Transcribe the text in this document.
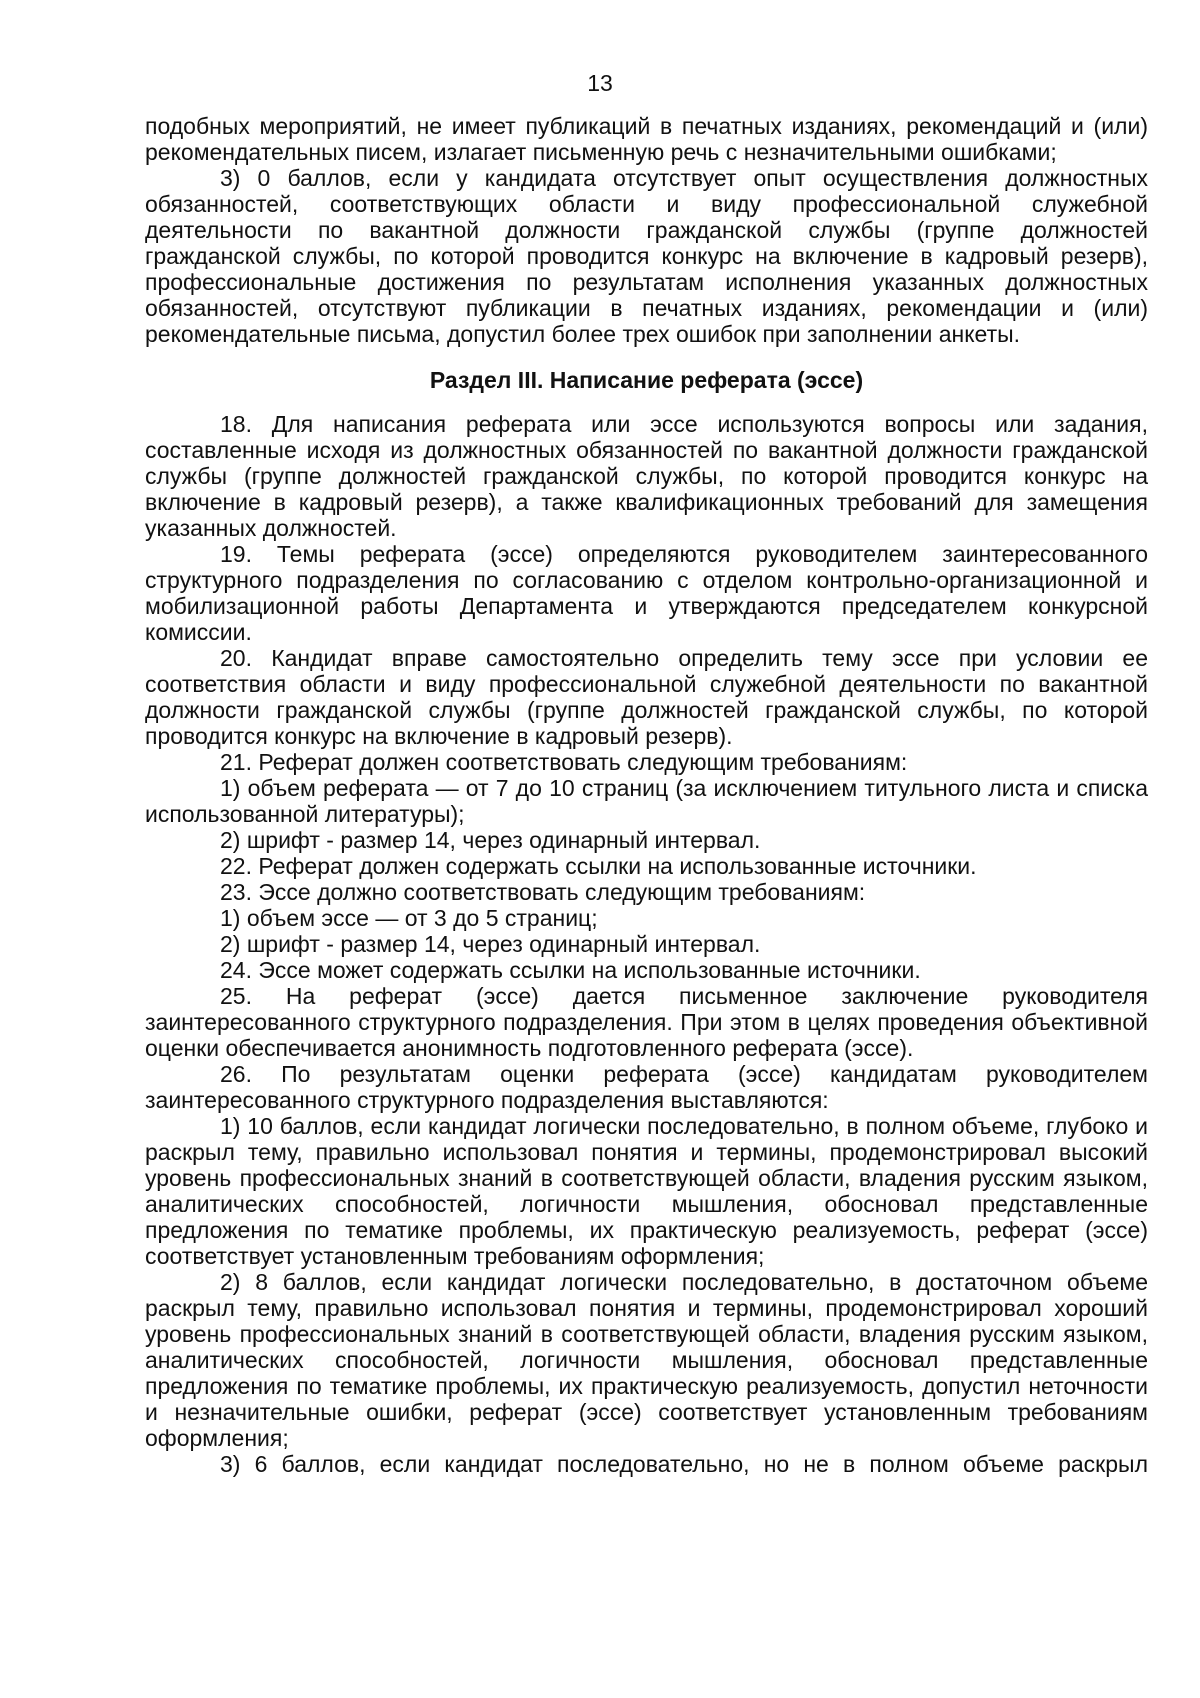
13

подобных мероприятий, не имеет публикаций в печатных изданиях, рекомендаций и (или) рекомендательных писем, излагает письменную речь с незначительными ошибками;

3) 0 баллов, если у кандидата отсутствует опыт осуществления должностных обязанностей, соответствующих области и виду профессиональной служебной деятельности по вакантной должности гражданской службы (группе должностей гражданской службы, по которой проводится конкурс на включение в кадровый резерв), профессиональные достижения по результатам исполнения указанных должностных обязанностей, отсутствуют публикации в печатных изданиях, рекомендации и (или) рекомендательные письма, допустил более трех ошибок при заполнении анкеты.

Раздел III. Написание реферата (эссе)

18. Для написания реферата или эссе используются вопросы или задания, составленные исходя из должностных обязанностей по вакантной должности гражданской службы (группе должностей гражданской службы, по которой проводится конкурс на включение в кадровый резерв), а также квалификационных требований для замещения указанных должностей.

19. Темы реферата (эссе) определяются руководителем заинтересованного структурного подразделения по согласованию с отделом контрольно-организационной и мобилизационной работы Департамента и утверждаются председателем конкурсной комиссии.

20. Кандидат вправе самостоятельно определить тему эссе при условии ее соответствия области и виду профессиональной служебной деятельности по вакантной должности гражданской службы (группе должностей гражданской службы, по которой проводится конкурс на включение в кадровый резерв).

21. Реферат должен соответствовать следующим требованиям:

1) объем реферата — от 7 до 10 страниц (за исключением титульного листа и списка использованной литературы);

2) шрифт - размер 14, через одинарный интервал.

22. Реферат должен содержать ссылки на использованные источники.

23. Эссе должно соответствовать следующим требованиям:

1) объем эссе — от 3 до 5 страниц;

2) шрифт - размер 14, через одинарный интервал.

24. Эссе может содержать ссылки на использованные источники.

25. На реферат (эссе) дается письменное заключение руководителя заинтересованного структурного подразделения. При этом в целях проведения объективной оценки обеспечивается анонимность подготовленного реферата (эссе).

26. По результатам оценки реферата (эссе) кандидатам руководителем заинтересованного структурного подразделения выставляются:

1) 10 баллов, если кандидат логически последовательно, в полном объеме, глубоко и раскрыл тему, правильно использовал понятия и термины, продемонстрировал высокий уровень профессиональных знаний в соответствующей области, владения русским языком, аналитических способностей, логичности мышления, обосновал представленные предложения по тематике проблемы, их практическую реализуемость, реферат (эссе) соответствует установленным требованиям оформления;

2) 8 баллов, если кандидат логически последовательно, в достаточном объеме раскрыл тему, правильно использовал понятия и термины, продемонстрировал хороший уровень профессиональных знаний в соответствующей области, владения русским языком, аналитических способностей, логичности мышления, обосновал представленные предложения по тематике проблемы, их практическую реализуемость, допустил неточности и незначительные ошибки, реферат (эссе) соответствует установленным требованиям оформления;

3) 6 баллов, если кандидат последовательно, но не в полном объеме раскрыл
